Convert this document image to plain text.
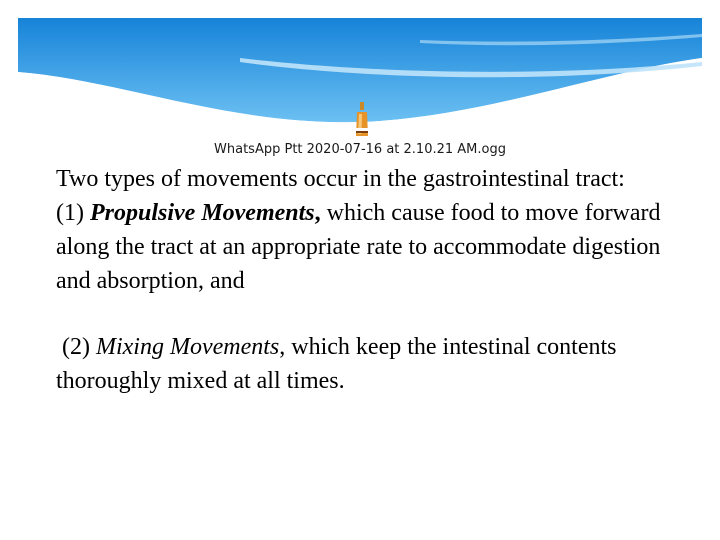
WhatsApp Ptt 2020-07-16 at 2.10.21 AM.ogg

Two types of movements occur in the gastrointestinal tract:
(1) Propulsive Movements, which cause food to move forward along the tract at an appropriate rate to accommodate digestion and absorption, and

(2) Mixing Movements, which keep the intestinal contents thoroughly mixed at all times.
